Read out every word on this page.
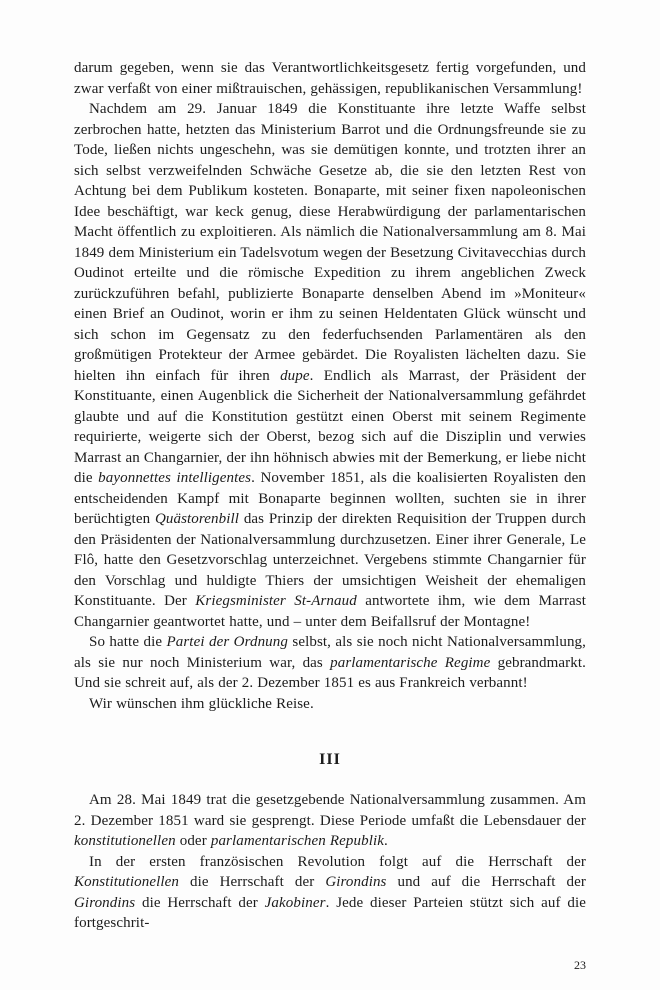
darum gegeben, wenn sie das Verantwortlichkeitsgesetz fertig vorgefunden, und zwar verfaßt von einer mißtrauischen, gehässigen, republikanischen Versammlung!

Nachdem am 29. Januar 1849 die Konstituante ihre letzte Waffe selbst zerbrochen hatte, hetzten das Ministerium Barrot und die Ordnungsfreunde sie zu Tode, ließen nichts ungeschehn, was sie demütigen konnte, und trotzten ihrer an sich selbst verzweifelnden Schwäche Gesetze ab, die sie den letzten Rest von Achtung bei dem Publikum kosteten. Bonaparte, mit seiner fixen napoleonischen Idee beschäftigt, war keck genug, diese Herabwürdigung der parlamentarischen Macht öffentlich zu exploitieren. Als nämlich die Nationalversammlung am 8. Mai 1849 dem Ministerium ein Tadelsvotum wegen der Besetzung Civitavecchias durch Oudinot erteilte und die römische Expedition zu ihrem angeblichen Zweck zurückzuführen befahl, publizierte Bonaparte denselben Abend im »Moniteur« einen Brief an Oudinot, worin er ihm zu seinen Heldentaten Glück wünscht und sich schon im Gegensatz zu den federfuchsenden Parlamentären als den großmütigen Protekteur der Armee gebärdet. Die Royalisten lächelten dazu. Sie hielten ihn einfach für ihren dupe. Endlich als Marrast, der Präsident der Konstituante, einen Augenblick die Sicherheit der Nationalversammlung gefährdet glaubte und auf die Konstitution gestützt einen Oberst mit seinem Regimente requirierte, weigerte sich der Oberst, bezog sich auf die Disziplin und verwies Marrast an Changarnier, der ihn höhnisch abwies mit der Bemerkung, er liebe nicht die bayonnettes intelligentes. November 1851, als die koalisierten Royalisten den entscheidenden Kampf mit Bonaparte beginnen wollten, suchten sie in ihrer berüchtigten Quästorenbill das Prinzip der direkten Requisition der Truppen durch den Präsidenten der Nationalversammlung durchzusetzen. Einer ihrer Generale, Le Flô, hatte den Gesetzvorschlag unterzeichnet. Vergebens stimmte Changarnier für den Vorschlag und huldigte Thiers der umsichtigen Weisheit der ehemaligen Konstituante. Der Kriegsminister St-Arnaud antwortete ihm, wie dem Marrast Changarnier geantwortet hatte, und – unter dem Beifallsruf der Montagne!

So hatte die Partei der Ordnung selbst, als sie noch nicht Nationalversammlung, als sie nur noch Ministerium war, das parlamentarische Regime gebrandmarkt. Und sie schreit auf, als der 2. Dezember 1851 es aus Frankreich verbannt!

Wir wünschen ihm glückliche Reise.

III

Am 28. Mai 1849 trat die gesetzgebende Nationalversammlung zusammen. Am 2. Dezember 1851 ward sie gesprengt. Diese Periode umfaßt die Lebensdauer der konstitutionellen oder parlamentarischen Republik.

In der ersten französischen Revolution folgt auf die Herrschaft der Konstitutionellen die Herrschaft der Girondins und auf die Herrschaft der Girondins die Herrschaft der Jakobiner. Jede dieser Parteien stützt sich auf die fortgeschrit-

23
